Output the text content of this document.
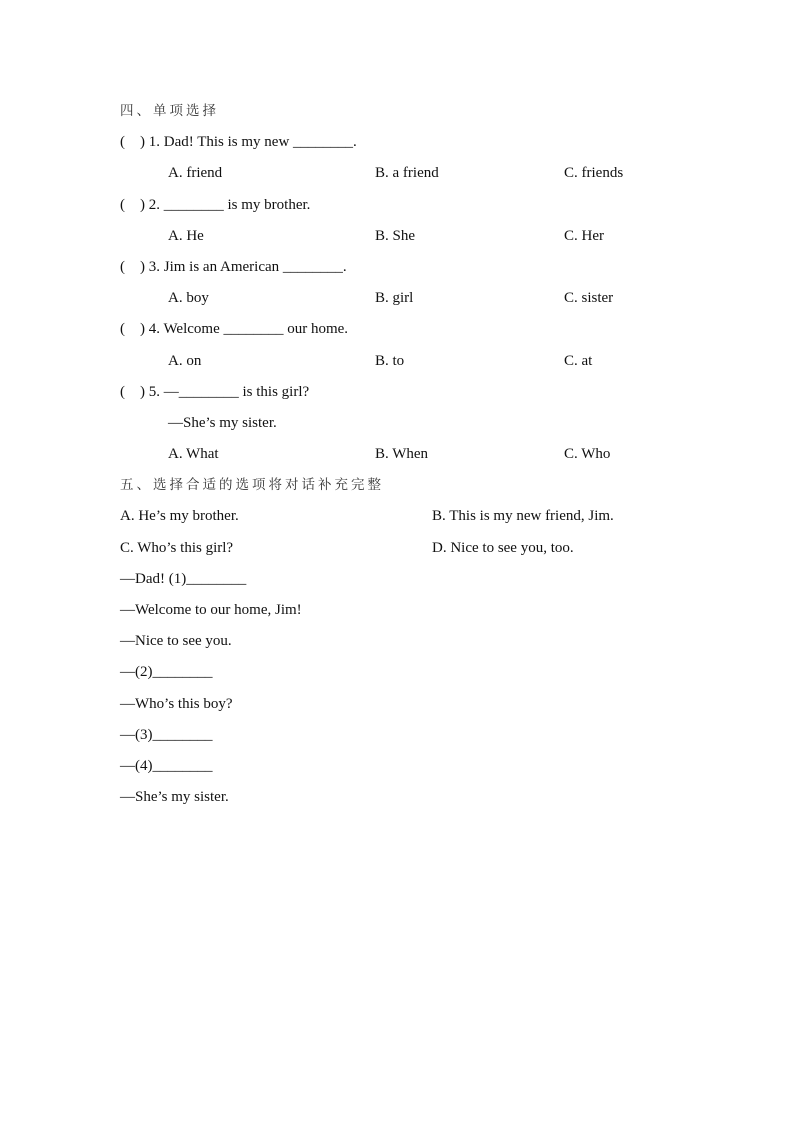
四、单项选择
(    ) 1. Dad! This is my new ________.

A. friend

	B. a friend

	C. friends

(    ) 2. ________ is my brother.

A. He

	B. She

	C. Her

(    ) 3. Jim is an American ________.

A. boy

	B. girl

	C. sister

(    ) 4. Welcome ________ our home.

A. on

	B. to

	C. at

(    ) 5. —________ is this girl?
—She’s my sister.

A. What

	B. When

	C. Who

五、选择合适的选项将对话补充完整

A. He’s my brother.

	B. This is my new friend, Jim.

C. Who’s this girl?

	D. Nice to see you, too.

—Dad! (1)________
—Welcome to our home, Jim!
—Nice to see you.
—(2)________
—Who’s this boy?
—(3)________
—(4)________
—She’s my sister.
